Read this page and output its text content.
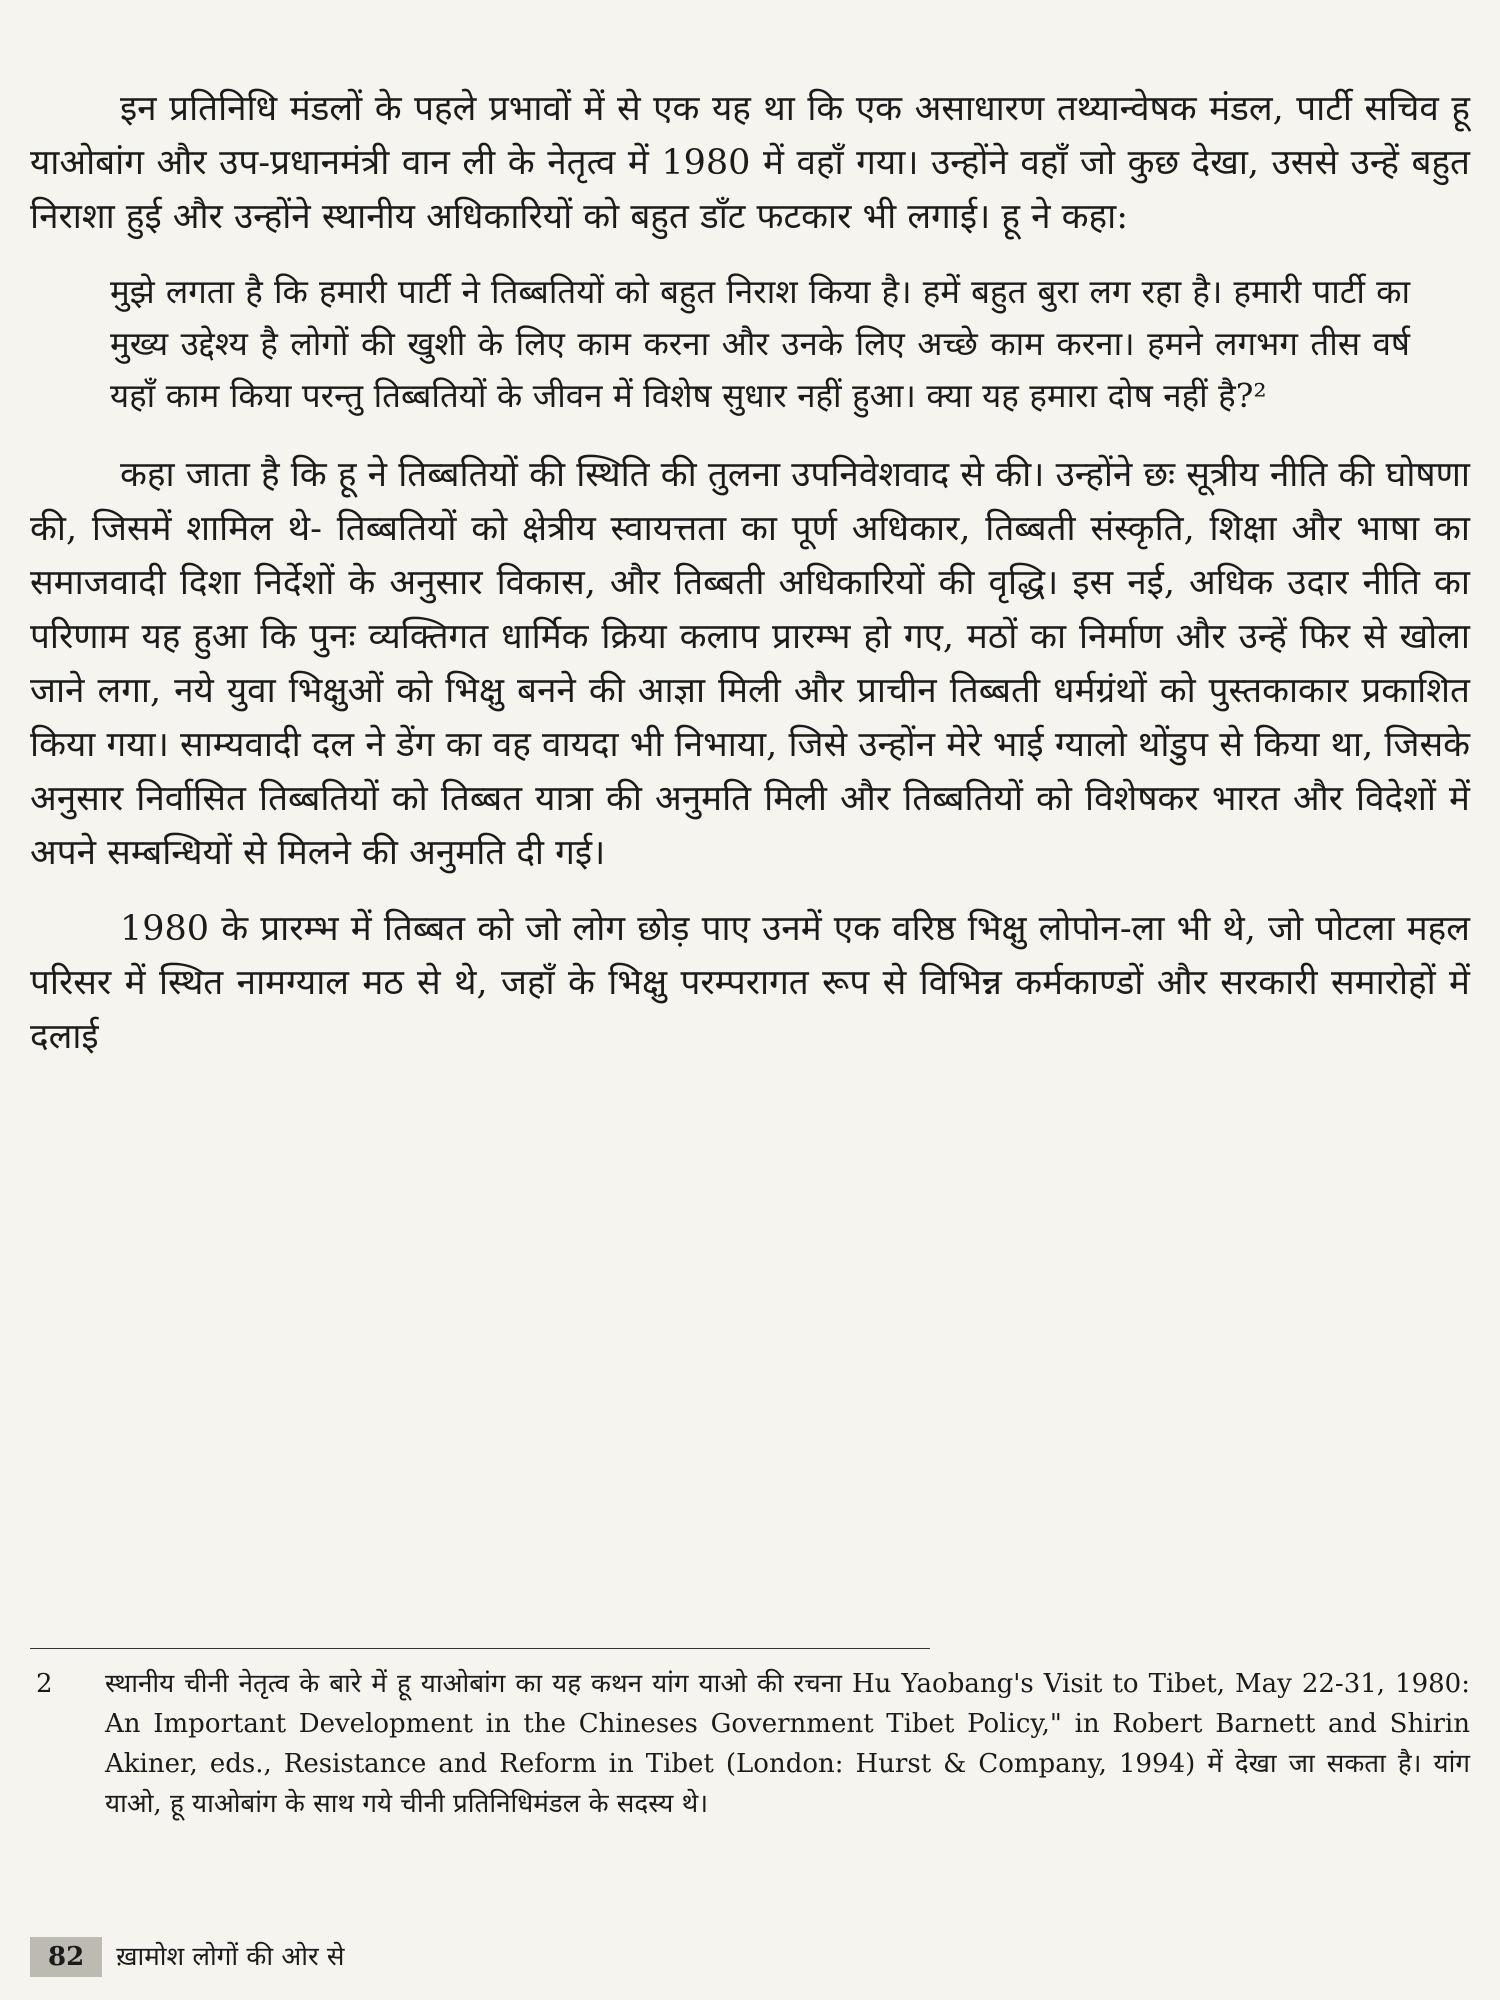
इन प्रतिनिधि मंडलों के पहले प्रभावों में से एक यह था कि एक असाधारण तथ्यान्वेषक मंडल, पार्टी सचिव हू याओबांग और उप-प्रधानमंत्री वान ली के नेतृत्व में 1980 में वहाँ गया। उन्होंने वहाँ जो कुछ देखा, उससे उन्हें बहुत निराशा हुई और उन्होंने स्थानीय अधिकारियों को बहुत डाँट फटकार भी लगाई। हू ने कहा:

मुझे लगता है कि हमारी पार्टी ने तिब्बतियों को बहुत निराश किया है। हमें बहुत बुरा लग रहा है। हमारी पार्टी का मुख्य उद्देश्य है लोगों की खुशी के लिए काम करना और उनके लिए अच्छे काम करना। हमने लगभग तीस वर्ष यहाँ काम किया परन्तु तिब्बतियों के जीवन में विशेष सुधार नहीं हुआ। क्या यह हमारा दोष नहीं है?²

कहा जाता है कि हू ने तिब्बतियों की स्थिति की तुलना उपनिवेशवाद से की। उन्होंने छः सूत्रीय नीति की घोषणा की, जिसमें शामिल थे- तिब्बतियों को क्षेत्रीय स्वायत्तता का पूर्ण अधिकार, तिब्बती संस्कृति, शिक्षा और भाषा का समाजवादी दिशा निर्देशों के अनुसार विकास, और तिब्बती अधिकारियों की वृद्धि। इस नई, अधिक उदार नीति का परिणाम यह हुआ कि पुनः व्यक्तिगत धार्मिक क्रिया कलाप प्रारम्भ हो गए, मठों का निर्माण और उन्हें फिर से खोला जाने लगा, नये युवा भिक्षुओं को भिक्षु बनने की आज्ञा मिली और प्राचीन तिब्बती धर्मग्रंथों को पुस्तकाकार प्रकाशित किया गया। साम्यवादी दल ने डेंग का वह वायदा भी निभाया, जिसे उन्होंन मेरे भाई ग्यालो थोंडुप से किया था, जिसके अनुसार निर्वासित तिब्बतियों को तिब्बत यात्रा की अनुमति मिली और तिब्बतियों को विशेषकर भारत और विदेशों में अपने सम्बन्धियों से मिलने की अनुमति दी गई।

1980 के प्रारम्भ में तिब्बत को जो लोग छोड़ पाए उनमें एक वरिष्ठ भिक्षु लोपोन-ला भी थे, जो पोटला महल परिसर में स्थित नामग्याल मठ से थे, जहाँ के भिक्षु परम्परागत रूप से विभिन्न कर्मकाण्डों और सरकारी समारोहों में दलाई

2 स्थानीय चीनी नेतृत्व के बारे में हू याओबांग का यह कथन यांग याओ की रचना Hu Yaobang's Visit to Tibet, May 22-31, 1980: An Important Development in the Chineses Government Tibet Policy," in Robert Barnett and Shirin Akiner, eds., Resistance and Reform in Tibet (London: Hurst & Company, 1994) में देखा जा सकता है। यांग याओ, हू याओबांग के साथ गये चीनी प्रतिनिधिमंडल के सदस्य थे।
82	ख़ामोश लोगों की ओर से
